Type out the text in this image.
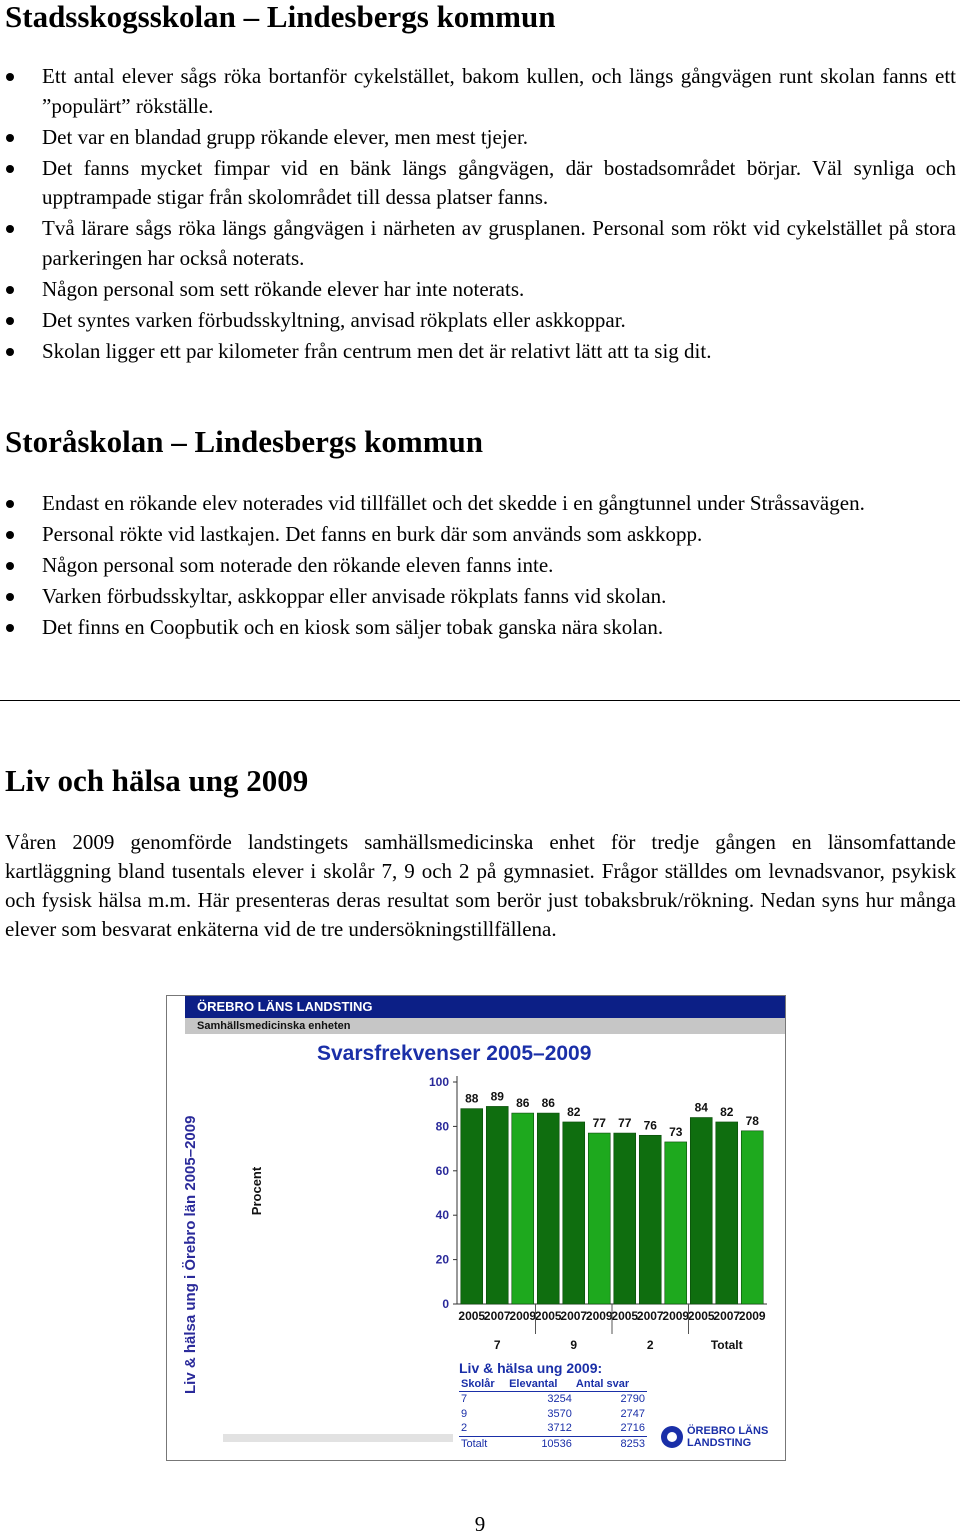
Stadsskogsskolan – Lindesbergs kommun
Ett antal elever sågs röka bortanför cykelstället, bakom kullen, och längs gångvägen runt skolan fanns ett ”populärt” rökställe.
Det var en blandad grupp rökande elever, men mest tjejer.
Det fanns mycket fimpar vid en bänk längs gångvägen, där bostadsområdet börjar. Väl synliga och upptrampade stigar från skolområdet till dessa platser fanns.
Två lärare sågs röka längs gångvägen i närheten av grusplanen. Personal som rökt vid cykelstället på stora parkeringen har också noterats.
Någon personal som sett rökande elever har inte noterats.
Det syntes varken förbudsskyltning, anvisad rökplats eller askkoppar.
Skolan ligger ett par kilometer från centrum men det är relativt lätt att ta sig dit.
Storåskolan – Lindesbergs kommun
Endast en rökande elev noterades vid tillfället och det skedde i en gångtunnel under Stråssavägen.
Personal rökte vid lastkajen. Det fanns en burk där som används som askkopp.
Någon personal som noterade den rökande eleven fanns inte.
Varken förbudsskyltar, askkoppar eller anvisade rökplats fanns vid skolan.
Det finns en Coopbutik och en kiosk som säljer tobak ganska nära skolan.
Liv och hälsa ung 2009

Våren 2009 genomförde landstingets samhällsmedicinska enhet för tredje gången en länsomfattande kartläggning bland tusentals elever i skolår 7, 9 och 2 på gymnasiet. Frågor ställdes om levnadsvanor, psykisk och fysisk hälsa m.m. Här presenteras deras resultat som berör just tobaksbruk/rökning. Nedan syns hur många elever som besvarat enkäterna vid de tre undersökningstillfällena.

ÖREBRO LÄNS LANDSTING
Samhällsmedicinska enheten
Svarsfrekvenser 2005–2009
Liv & hälsa ung i Örebro län 2005–2009	0
20
40
60
80
100
Procent
88
2005
89
2007
86
2009
7
86
2005
82
2007
77
2009
9
77
2005
76
2007
73
2009
2
84
2005
82
2007
78
2009
Totalt
Liv & hälsa ung 2009:
Skolår	Elevantal	Antal svar
7	3254	2790
9	3570	2747
2	3712	2716
Totalt	10536	8253
ÖREBRO LÄNS
LANDSTING
9
